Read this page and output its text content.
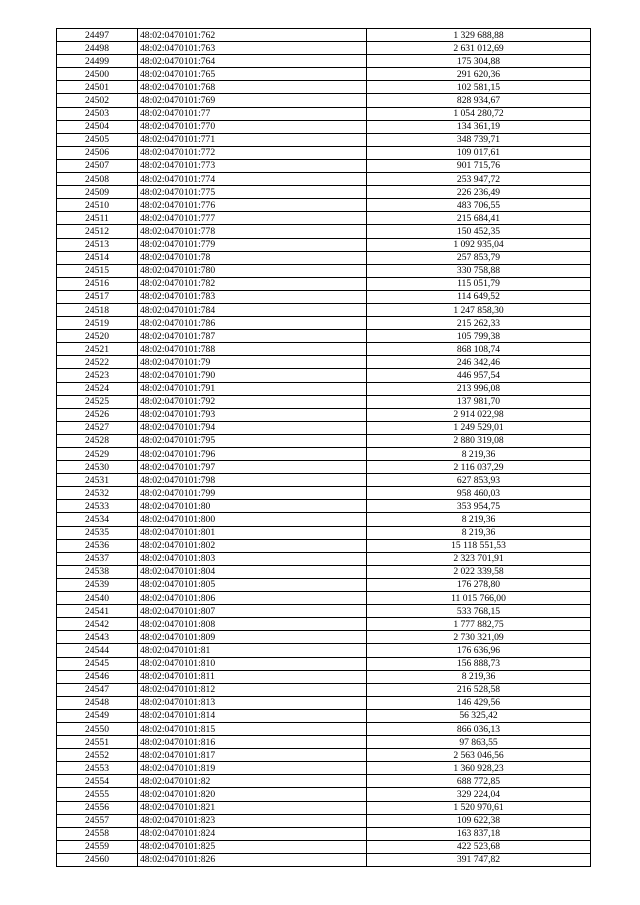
24497	48:02:0470101:762	1 329 688,88
24498	48:02:0470101:763	2 631 012,69
24499	48:02:0470101:764	175 304,88
24500	48:02:0470101:765	291 620,36
24501	48:02:0470101:768	102 581,15
24502	48:02:0470101:769	828 934,67
24503	48:02:0470101:77	1 054 280,72
24504	48:02:0470101:770	134 361,19
24505	48:02:0470101:771	348 739,71
24506	48:02:0470101:772	109 017,61
24507	48:02:0470101:773	901 715,76
24508	48:02:0470101:774	253 947,72
24509	48:02:0470101:775	226 236,49
24510	48:02:0470101:776	483 706,55
24511	48:02:0470101:777	215 684,41
24512	48:02:0470101:778	150 452,35
24513	48:02:0470101:779	1 092 935,04
24514	48:02:0470101:78	257 853,79
24515	48:02:0470101:780	330 758,88
24516	48:02:0470101:782	115 051,79
24517	48:02:0470101:783	114 649,52
24518	48:02:0470101:784	1 247 858,30
24519	48:02:0470101:786	215 262,33
24520	48:02:0470101:787	105 799,38
24521	48:02:0470101:788	868 108,74
24522	48:02:0470101:79	246 342,46
24523	48:02:0470101:790	446 957,54
24524	48:02:0470101:791	213 996,08
24525	48:02:0470101:792	137 981,70
24526	48:02:0470101:793	2 914 022,98
24527	48:02:0470101:794	1 249 529,01
24528	48:02:0470101:795	2 880 319,08
24529	48:02:0470101:796	8 219,36
24530	48:02:0470101:797	2 116 037,29
24531	48:02:0470101:798	627 853,93
24532	48:02:0470101:799	958 460,03
24533	48:02:0470101:80	353 954,75
24534	48:02:0470101:800	8 219,36
24535	48:02:0470101:801	8 219,36
24536	48:02:0470101:802	15 118 551,53
24537	48:02:0470101:803	2 323 701,91
24538	48:02:0470101:804	2 022 339,58
24539	48:02:0470101:805	176 278,80
24540	48:02:0470101:806	11 015 766,00
24541	48:02:0470101:807	533 768,15
24542	48:02:0470101:808	1 777 882,75
24543	48:02:0470101:809	2 730 321,09
24544	48:02:0470101:81	176 636,96
24545	48:02:0470101:810	156 888,73
24546	48:02:0470101:811	8 219,36
24547	48:02:0470101:812	216 528,58
24548	48:02:0470101:813	146 429,56
24549	48:02:0470101:814	56 325,42
24550	48:02:0470101:815	866 036,13
24551	48:02:0470101:816	97 863,55
24552	48:02:0470101:817	2 563 046,56
24553	48:02:0470101:819	1 360 928,23
24554	48:02:0470101:82	688 772,85
24555	48:02:0470101:820	329 224,04
24556	48:02:0470101:821	1 520 970,61
24557	48:02:0470101:823	109 622,38
24558	48:02:0470101:824	163 837,18
24559	48:02:0470101:825	422 523,68
24560	48:02:0470101:826	391 747,82
